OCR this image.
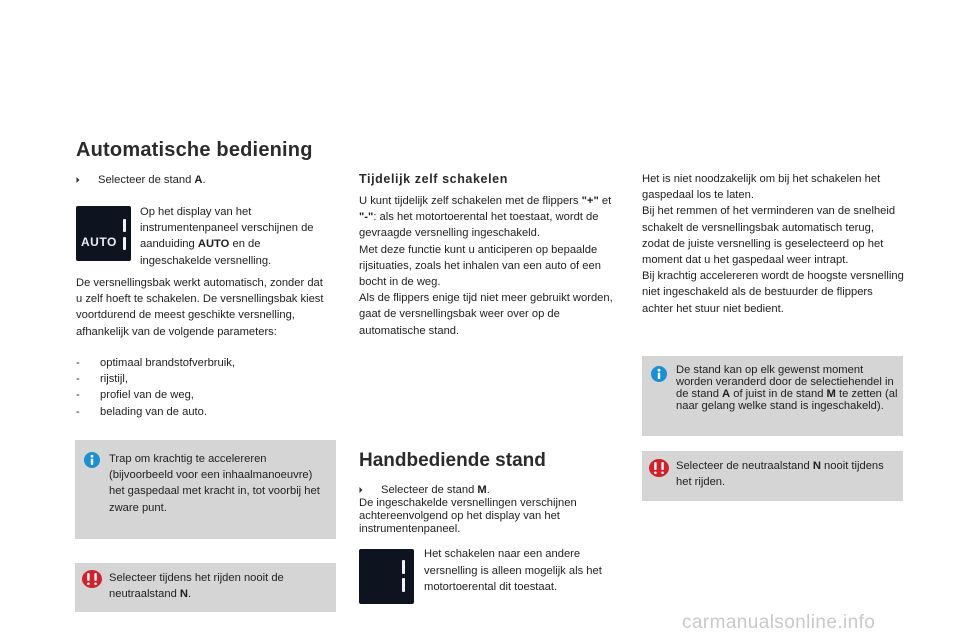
Automatische bediening
🞂	Selecteer de stand A.
AUTO
Op het display van het instrumentenpaneel verschijnen de aanduiding AUTO en de ingeschakelde versnelling.
De versnellingsbak werkt automatisch, zonder dat u zelf hoeft te schakelen. De versnellingsbak kiest voortdurend de meest geschikte versnelling, afhankelijk van de volgende parameters:
-	optimaal brandstofverbruik,
-	rijstijl,
-	profiel van de weg,
-	belading van de auto.
Trap om krachtig te accelereren (bijvoorbeeld voor een inhaalmanoeuvre) het gaspedaal met kracht in, tot voorbij het zware punt.
Selecteer tijdens het rijden nooit de neutraalstand N.
Tijdelijk zelf schakelen
U kunt tijdelijk zelf schakelen met de flippers "+" et "-": als het motortoerental het toestaat, wordt de gevraagde versnelling ingeschakeld.
Met deze functie kunt u anticiperen op bepaalde rijsituaties, zoals het inhalen van een auto of een bocht in de weg.
Als de flippers enige tijd niet meer gebruikt worden, gaat de versnellingsbak weer over op de automatische stand.
Handbediende stand
🞂	Selecteer de stand M.
De ingeschakelde versnellingen verschijnen achtereenvolgend op het display van het instrumentenpaneel.
Het schakelen naar een andere versnelling is alleen mogelijk als het motortoerental dit toestaat.
Het is niet noodzakelijk om bij het schakelen het gaspedaal los te laten.
Bij het remmen of het verminderen van de snelheid schakelt de versnellingsbak automatisch terug, zodat de juiste versnelling is geselecteerd op het moment dat u het gaspedaal weer intrapt.
Bij krachtig accelereren wordt de hoogste versnelling niet ingeschakeld als de bestuurder de flippers achter het stuur niet bedient.
De stand kan op elk gewenst moment worden veranderd door de selectiehendel in de stand A of juist in de stand M te zetten (al naar gelang welke stand is ingeschakeld).
Selecteer de neutraalstand N nooit tijdens het rijden.
carmanualsonline.info
